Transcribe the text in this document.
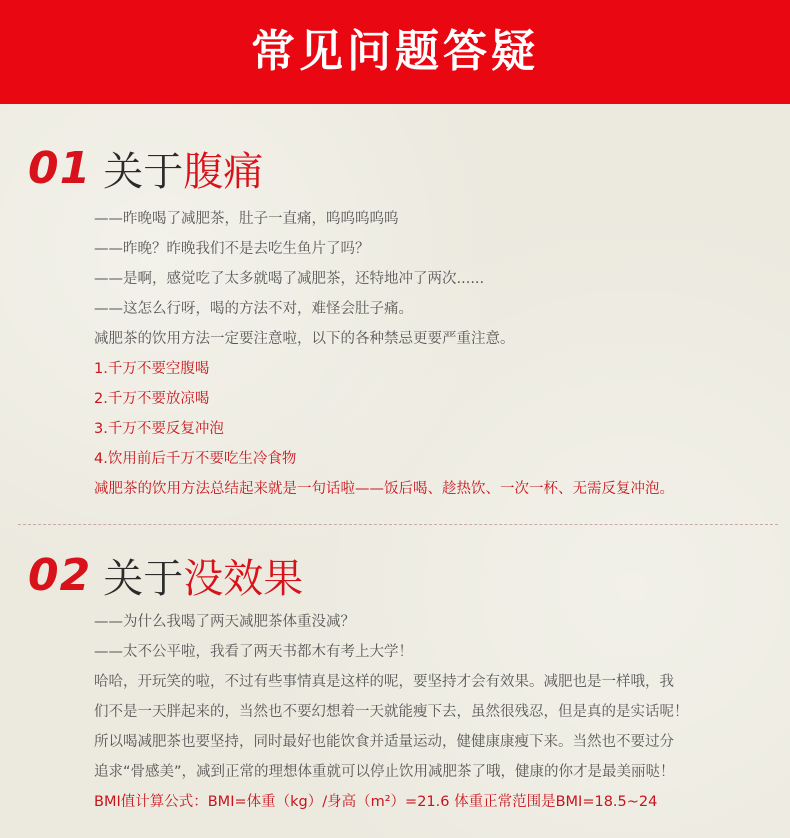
常见问题答疑
01 关于 腹痛
——昨晚喝了减肥茶，肚子一直痛，呜呜呜呜呜
——昨晚？昨晚我们不是去吃生鱼片了吗？
——是啊，感觉吃了太多就喝了减肥茶，还特地冲了两次......
——这怎么行呀，喝的方法不对，难怪会肚子痛。
减肥茶的饮用方法一定要注意啦，以下的各种禁忌更要严重注意。
1.千万不要空腹喝
2.千万不要放凉喝
3.千万不要反复冲泡
4.饮用前后千万不要吃生冷食物
减肥茶的饮用方法总结起来就是一句话啦——饭后喝、趁热饮、一次一杯、无需反复冲泡。
02 关于 没效果
——为什么我喝了两天减肥茶体重没减？
——太不公平啦，我看了两天书都木有考上大学！
哈哈，开玩笑的啦，不过有些事情真是这样的呢，要坚持才会有效果。减肥也是一样哦，我
们不是一天胖起来的，当然也不要幻想着一天就能瘦下去，虽然很残忍，但是真的是实话呢！
所以喝减肥茶也要坚持，同时最好也能饮食并适量运动，健健康康瘦下来。当然也不要过分
追求“骨感美”，减到正常的理想体重就可以停止饮用减肥茶了哦，健康的你才是最美丽哒！
BMI值计算公式：BMI=体重（kg）/身高（m²）=21.6 体重正常范围是BMI=18.5~24
